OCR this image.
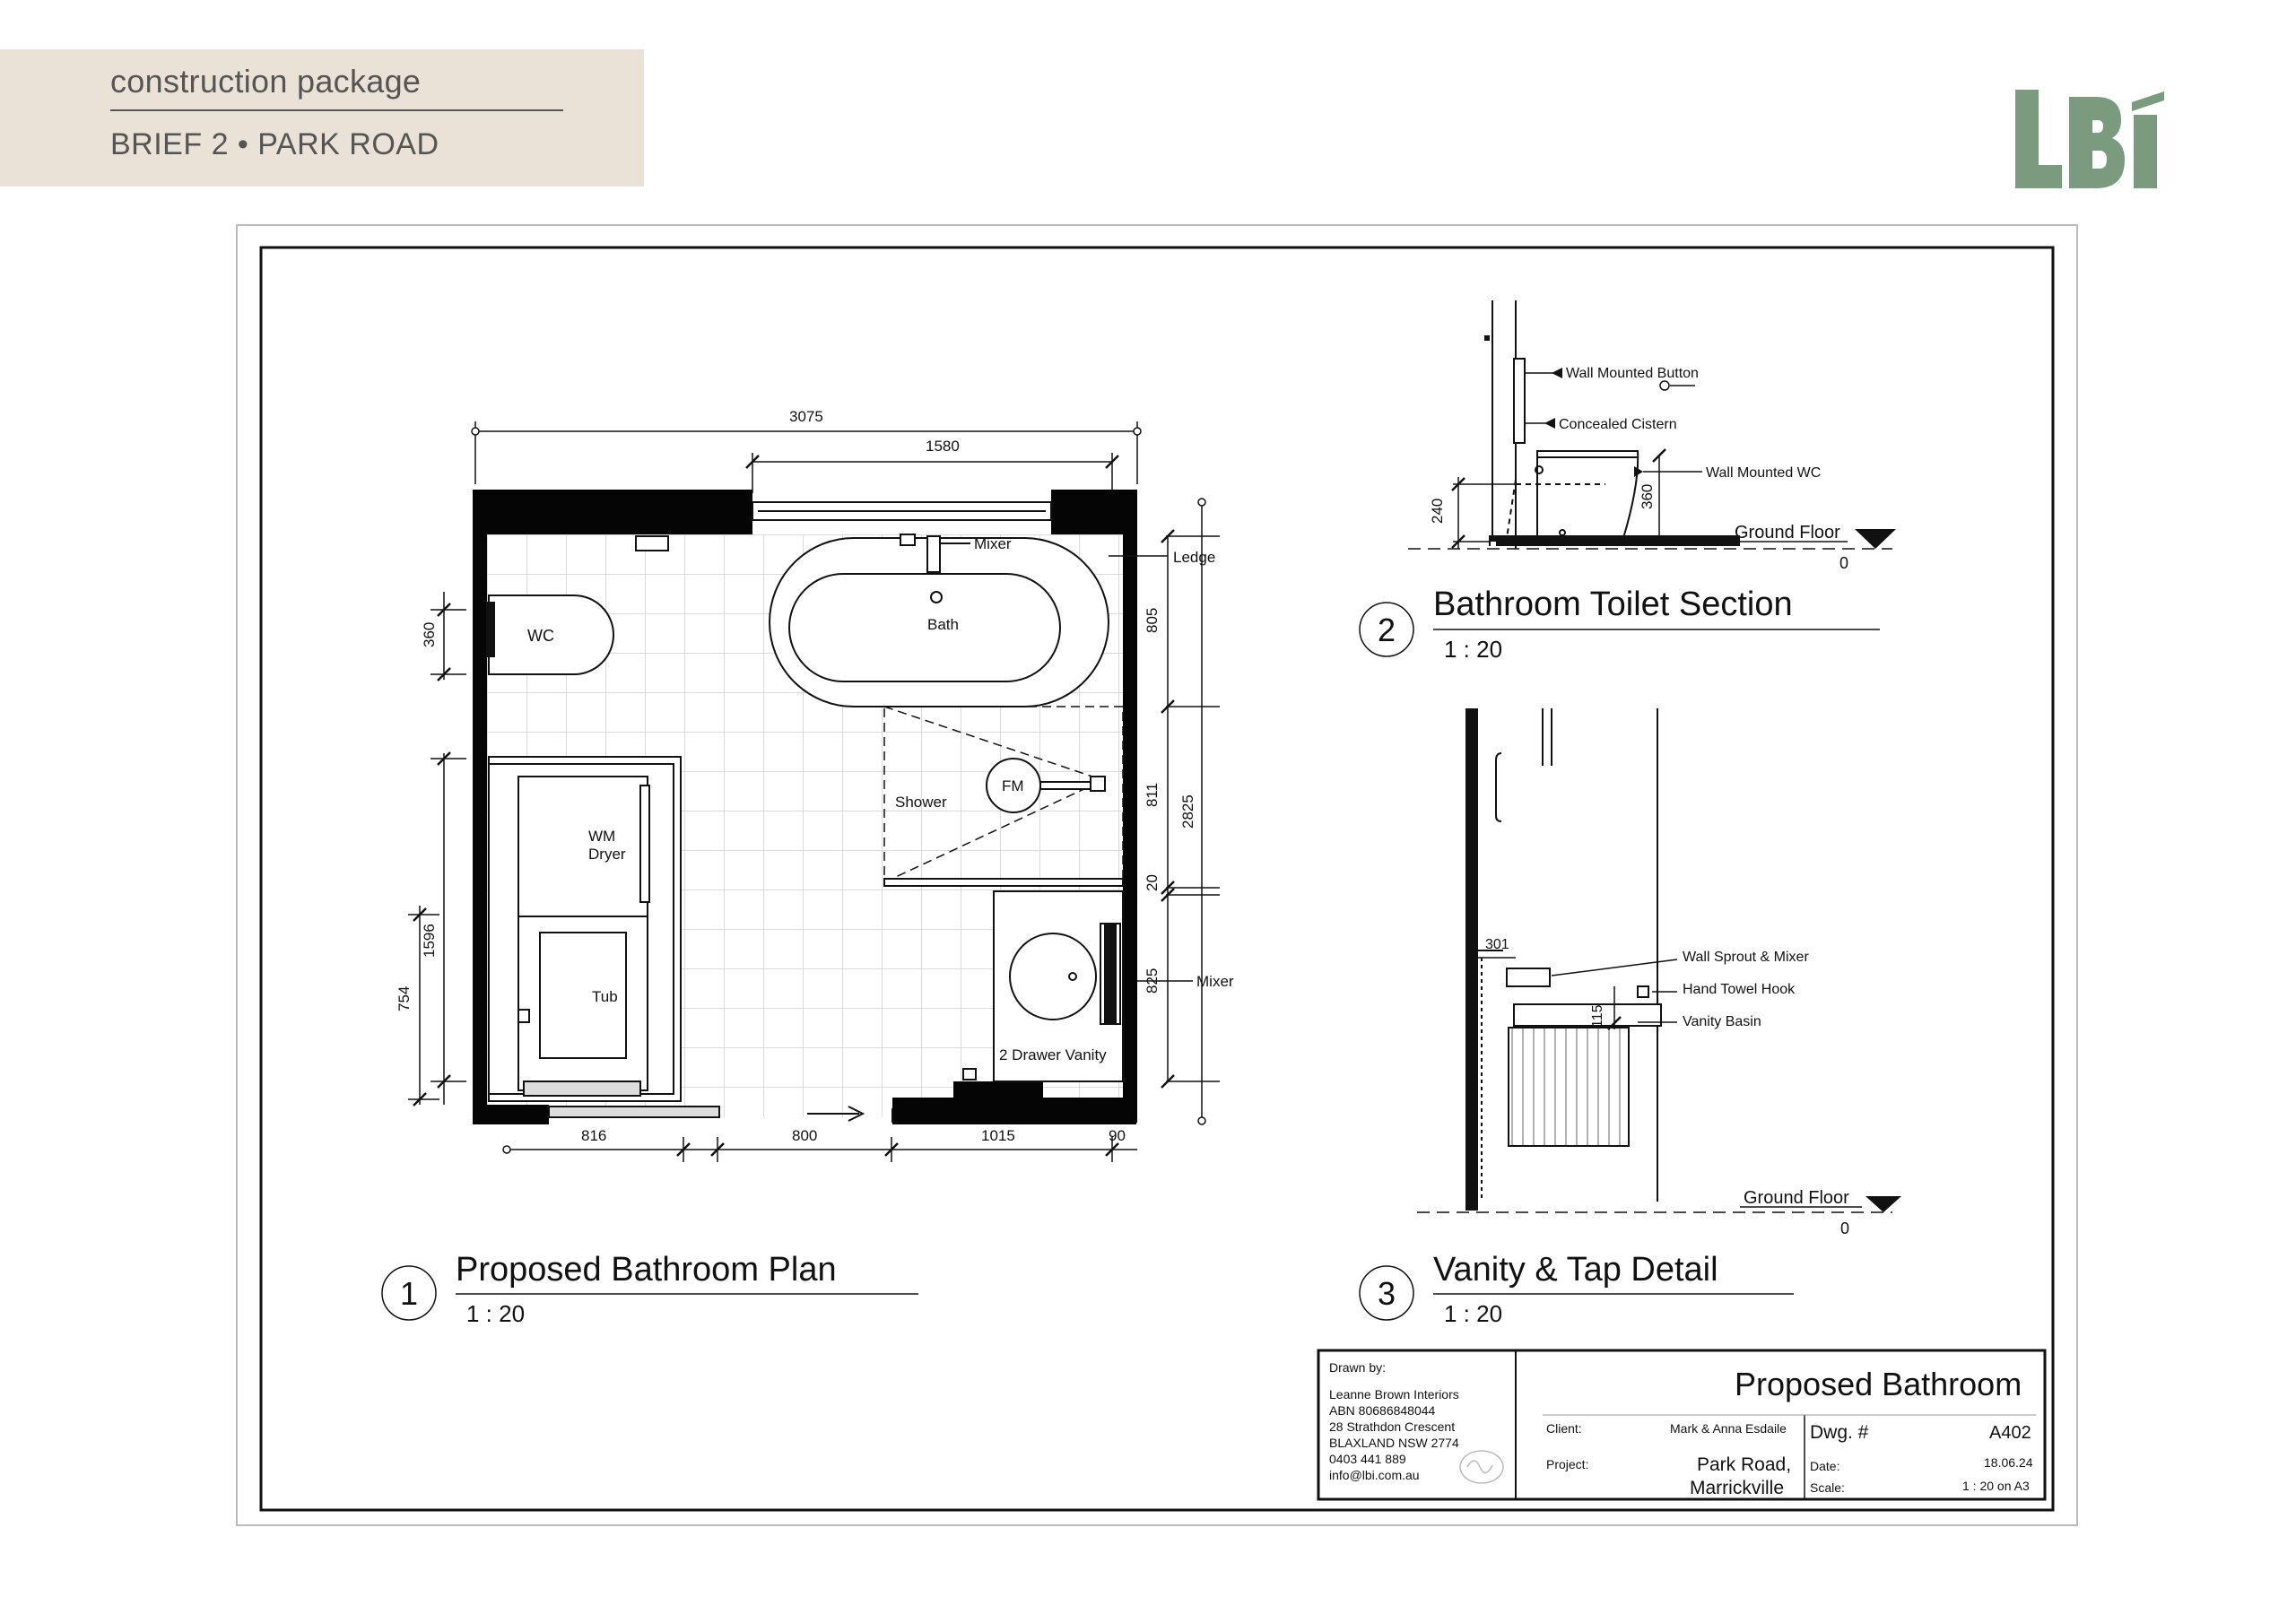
construction package
BRIEF 2 • PARK ROAD
WC
Bath
Mixer
Ledge
FM
Shower
WM
Dryer
Tub
2 Drawer Vanity
Mixer
3075
1580
805
811
20
825
2825
360
1596
754
816	800	1015	90
1
Proposed Bathroom Plan
1 : 20
Wall Mounted Button
Concealed Cistern
Wall Mounted WC
Ground Floor
0
240
360
2
Bathroom Toilet Section
1 : 20
Wall Sprout & Mixer
Hand Towel Hook
Vanity Basin
301
115
Ground Floor
0
3
Vanity & Tap Detail
1 : 20
Drawn by:
Leanne Brown Interiors
ABN 80686848044
28 Strathdon Crescent
BLAXLAND NSW 2774
0403 441 889
info@lbi.com.au
Proposed Bathroom
Client:	Mark & Anna Esdaile
Project:	Park Road,
Marrickville
Dwg. #	A402
Date:	18.06.24
Scale:	1 : 20 on A3
